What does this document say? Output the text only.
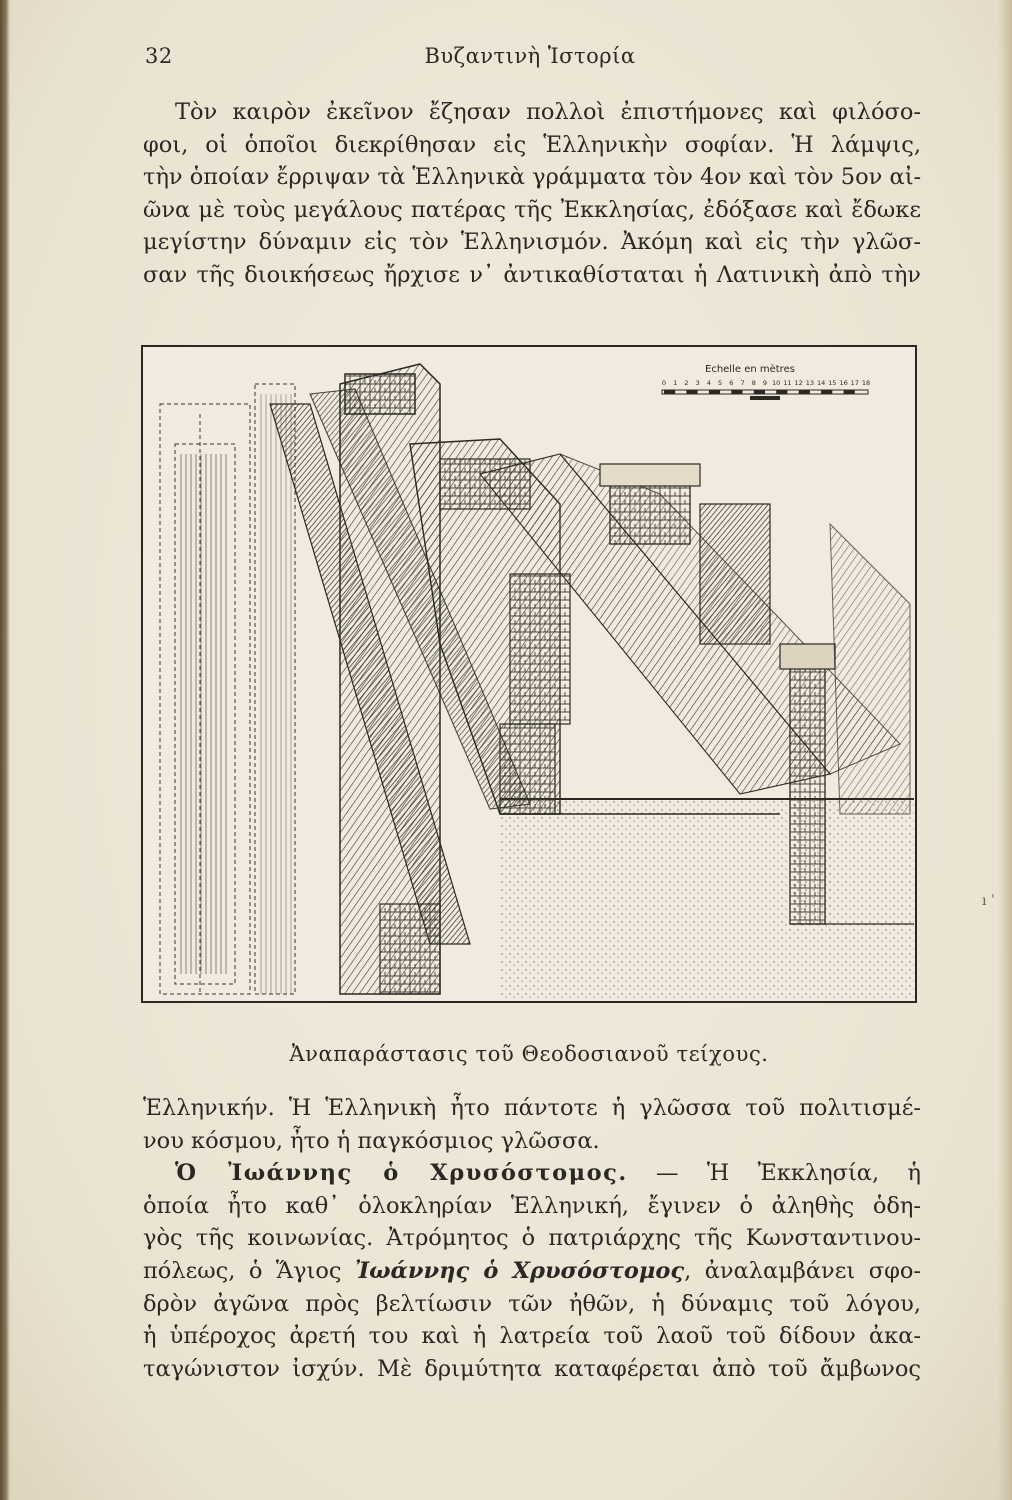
32	Βυζαντινὴ Ἱστορία

Τὸν καιρὸν ἐκεῖνον ἔζησαν πολλοὶ ἐπιστήμονες καὶ φιλόσο-
φοι, οἱ ὁποῖοι διεκρίθησαν εἰς Ἑλληνικὴν σοφίαν. Ἡ λάμψις,
τὴν ὁποίαν ἔρριψαν τὰ Ἑλληνικὰ γράμματα τὸν 4ον καὶ τὸν 5ον αἰ-
ῶνα μὲ τοὺς μεγάλους πατέρας τῆς Ἐκκλησίας, ἐδόξασε καὶ ἔδωκε
μεγίστην δύναμιν εἰς τὸν Ἑλληνισμόν. Ἀκόμη καὶ εἰς τὴν γλῶσ-
σαν τῆς διοικήσεως ἤρχισε ν᾽ ἀντικαθίσταται ἡ Λατινικὴ ἀπὸ τὴν

Echelle en mètres
0 1 2 3 4 5 6 7 8 9 10 11 12 13 14 15 16 17 18
Ἀναπαράστασις τοῦ Θεοδοσιανοῦ τείχους.

Ἑλληνικήν. Ἡ Ἑλληνικὴ ἦτο πάντοτε ἡ γλῶσσα τοῦ πολιτισμέ-
νου κόσμου, ἦτο ἡ παγκόσμιος γλῶσσα.
Ὁ Ἰωάννης ὁ Χρυσόστομος. — Ἡ Ἐκκλησία, ἡ
ὁποία ἦτο καθ᾽ ὁλοκληρίαν Ἑλληνική, ἔγινεν ὁ ἀληθὴς ὁδη-
γὸς τῆς κοινωνίας. Ἀτρόμητος ὁ πατριάρχης τῆς Κωνσταντινου-
πόλεως, ὁ Ἅγιος Ἰωάννης ὁ Χρυσόστομος, ἀναλαμβάνει σφο-
δρὸν ἀγῶνα πρὸς βελτίωσιν τῶν ἠθῶν, ἡ δύναμις τοῦ λόγου,
ἡ ὑπέροχος ἀρετή του καὶ ἡ λατρεία τοῦ λαοῦ τοῦ δίδουν ἀκα-
ταγώνιστον ἰσχύν. Μὲ δριμύτητα καταφέρεται ἀπὸ τοῦ ἄμβωνος

ı ˈ
